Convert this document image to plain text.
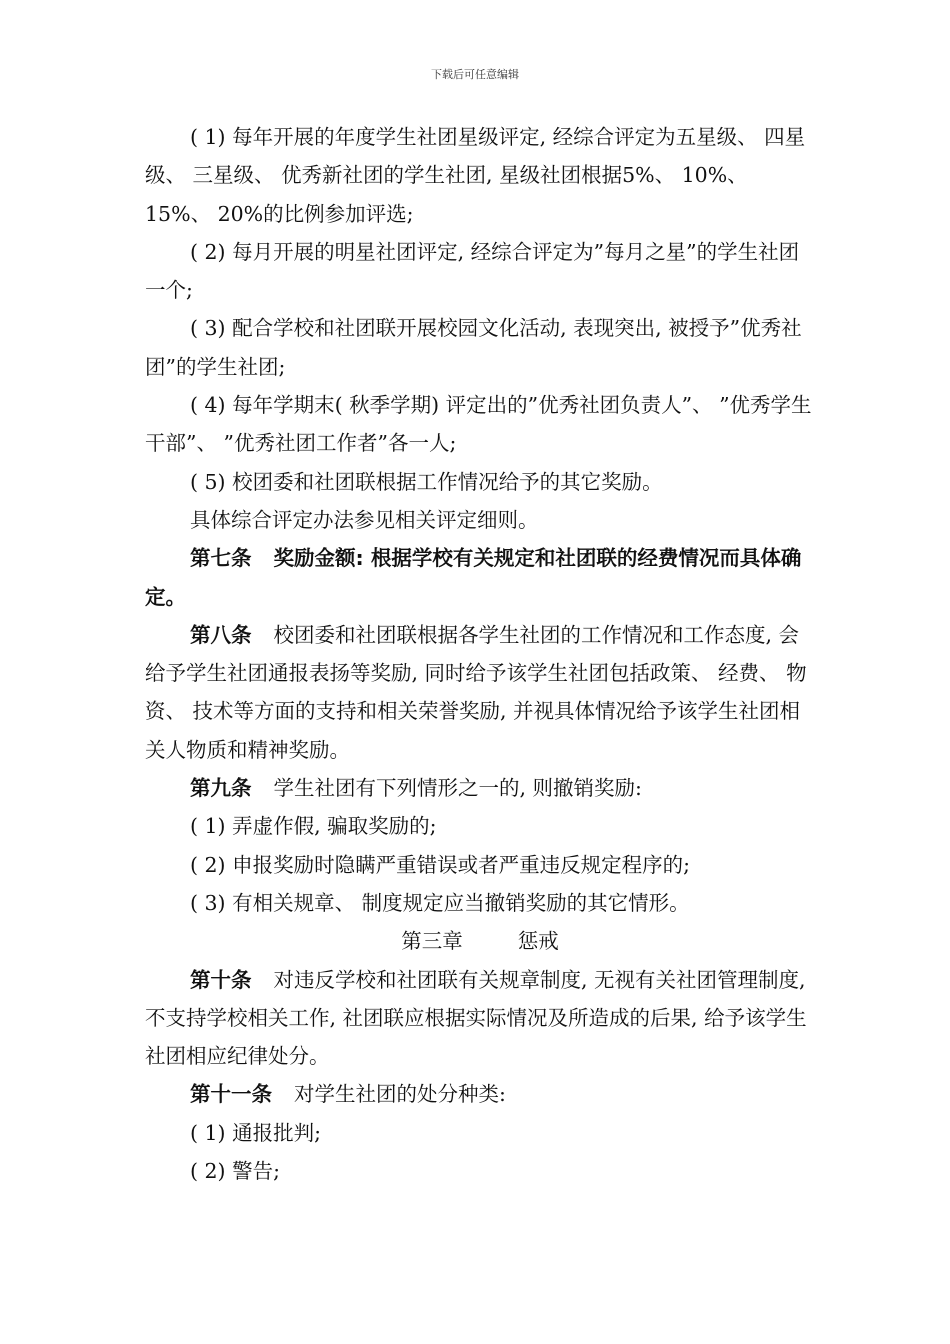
下载后可任意编辑

( 1) 每年开展的年度学生社团星级评定, 经综合评定为五星级、 四星级、 三星级、 优秀新社团的学生社团, 星级社团根据5%、 10%、 15%、 20%的比例参加评选;

( 2) 每月开展的明星社团评定, 经综合评定为”每月之星”的学生社团一个;

( 3) 配合学校和社团联开展校园文化活动, 表现突出, 被授予”优秀社团”的学生社团;

( 4) 每年学期末( 秋季学期) 评定出的”优秀社团负责人”、 ”优秀学生干部”、 ”优秀社团工作者”各一人;

( 5) 校团委和社团联根据工作情况给予的其它奖励。

具体综合评定办法参见相关评定细则。

第七条 奖励金额: 根据学校有关规定和社团联的经费情况而具体确定。

第八条 校团委和社团联根据各学生社团的工作情况和工作态度, 会给予学生社团通报表扬等奖励, 同时给予该学生社团包括政策、 经费、 物资、 技术等方面的支持和相关荣誉奖励, 并视具体情况给予该学生社团相关人物质和精神奖励。

第九条 学生社团有下列情形之一的, 则撤销奖励:

( 1) 弄虚作假, 骗取奖励的;

( 2) 申报奖励时隐瞒严重错误或者严重违反规定程序的;

( 3) 有相关规章、 制度规定应当撤销奖励的其它情形。

第三章	惩戒

第十条 对违反学校和社团联有关规章制度, 无视有关社团管理制度, 不支持学校相关工作, 社团联应根据实际情况及所造成的后果, 给予该学生社团相应纪律处分。

第十一条 对学生社团的处分种类:

( 1) 通报批判;

( 2) 警告;
